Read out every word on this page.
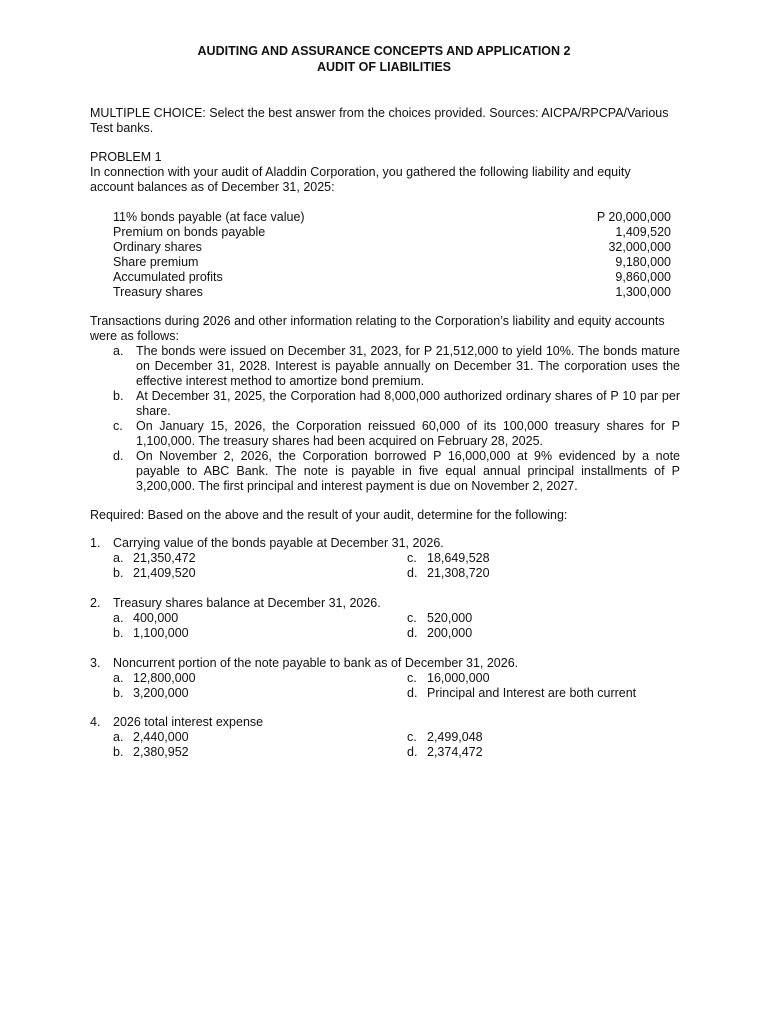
AUDITING AND ASSURANCE CONCEPTS AND APPLICATION 2
AUDIT OF LIABILITIES
MULTIPLE CHOICE: Select the best answer from the choices provided. Sources: AICPA/RPCPA/Various
Test banks.
PROBLEM 1
In connection with your audit of Aladdin Corporation, you gathered the following liability and equity
account balances as of December 31, 2025:
11% bonds payable (at face value)	P 20,000,000
Premium on bonds payable	1,409,520
Ordinary shares	32,000,000
Share premium	9,180,000
Accumulated profits	9,860,000
Treasury shares	1,300,000
Transactions during 2026 and other information relating to the Corporation’s liability and equity accounts
were as follows:
a.	The bonds were issued on December 31, 2023, for P 21,512,000 to yield 10%. The bonds mature on December 31, 2028. Interest is payable annually on December 31. The corporation uses the effective interest method to amortize bond premium.
b.	At December 31, 2025, the Corporation had 8,000,000 authorized ordinary shares of P 10 par per share.
c.	On January 15, 2026, the Corporation reissued 60,000 of its 100,000 treasury shares for P 1,100,000. The treasury shares had been acquired on February 28, 2025.
d.	On November 2, 2026, the Corporation borrowed P 16,000,000 at 9% evidenced by a note payable to ABC Bank. The note is payable in five equal annual principal installments of P 3,200,000. The first principal and interest payment is due on November 2, 2027.
Required: Based on the above and the result of your audit, determine for the following:
1.	Carrying value of the bonds payable at December 31, 2026.
a. 21,350,472	c. 18,649,528
b. 21,409,520	d. 21,308,720
2.	Treasury shares balance at December 31, 2026.
a. 400,000	c. 520,000
b. 1,100,000	d. 200,000
3.	Noncurrent portion of the note payable to bank as of December 31, 2026.
a. 12,800,000	c. 16,000,000
b. 3,200,000	d. Principal and Interest are both current
4.	2026 total interest expense
a. 2,440,000	c. 2,499,048
b. 2,380,952	d. 2,374,472
